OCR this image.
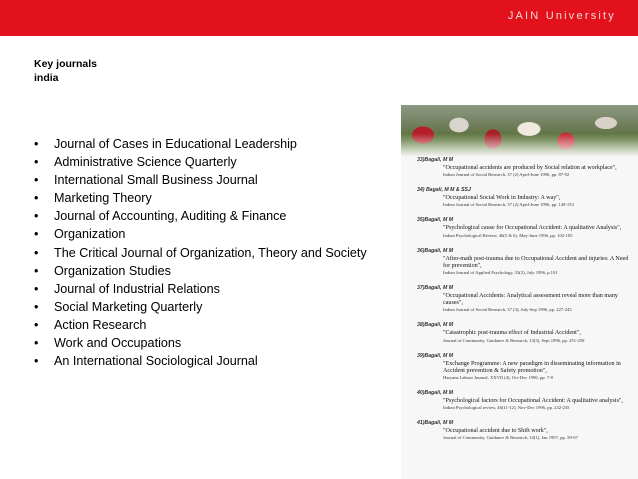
JAIN University
Key journals
india
• Journal of Cases in Educational Leadership
• Administrative Science Quarterly
• International Small Business Journal
• Marketing Theory
• Journal of Accounting, Auditing & Finance
• Organization
• The Critical Journal of Organization, Theory and Society
• Organization Studies
• Journal of Industrial Relations
• Social Marketing Quarterly
• Action Research
• Work and Occupations
• An International Sociological Journal
33)Bagali, M M
"Occupational accidents are produced by Social relation at workplace",
Indian Journal of Social Research, 37 (2) April-June 1996, pp. 87-92
34) Bagali, M M & SSJ
"Occupational Social Work in Industry: A way",
Indian Journal of Social Research, 37 (2) April-June 1996, pp. 149-153
35)Bagali, M M
"Psychological cause for Occupational Accident: A qualitative Analysis",
Indian Psychological Review, 46(5 & 6), May-June 1996, pp. 102-105
36)Bagali, M M
"After-math post-trauma due to Occupational Accident and injuries: A Need for prevention",
Indian Journal of Applied Psychology, 33(2), July 1996, p.101
37)Bagali, M M
"Occupational Accidents: Analytical assessment reveal more than many causes",
Indian Journal of Social Research, 37 (3), July-Sep 1996, pp. 227-243
38)Bagali, M M
"Catastrophic post-trauma effect of Industrial Accident",
Journal of Community, Guidance & Research, 13(3), Sept 1996, pp. 251-258
39)Bagali, M M
"Exchange Programme: A new paradigm in disseminating information in Accident prevention & Safety promotion",
Haryana Labour Journal, XXVII (4), Oct-Dec 1996, pp. 7-8
40)Bagali, M M
"Psychological factors for Occupational Accident: A qualitative analysis",
Indian Psychological review, 46(11-12), Nov-Dec 1996, pp. 232-235
41)Bagali, M M
"Occupational accident due to Shift work",
Journal of Community, Guidance & Research, 14(1), Jan 1997, pp. 59-67
